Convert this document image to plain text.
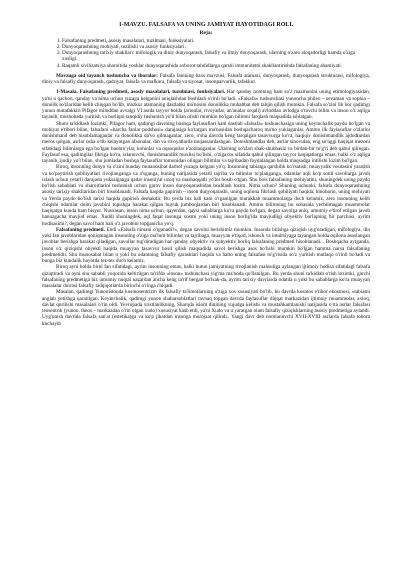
1-MAVZU. FALSAFA VA UNING JAMIYAT HAYOTIDAGI ROLI.
Reja:
1. Falsafaning predmeti, asosiy masalalari, tuzilmasi, funksiyalari.
2. Dunyoqarashning mohiyati, tuzilishi va asosiy funksiyalari.
3. Dunyoqarashning tarixiy shakllari: mifologik va diniy dunyoqarash, falsafiy va ilmiy dunyoqarash, ularning o'zaro aloqadorligi hamda o'ziga xosligi.
4. Raqamli sivilizatsiya sharoitida yoshlar dunyoqarashida axborot tahdidlarga qarshi immunitetni shakllantirishda falsafaning ahamiyati.

Mavzuga oid tayanch tushuncha va iboralar: Falsafa fanining baxs mavzusi, Falsafa atamasi, dunyoqarash, dunyoqarash strukturasi, mifologiya, diniy va falsafiy dunyoqarash, qadriyat, falsafa va mafkura, falsafa va siyosat, insonparvarlik, tafakkur.

1-Masala. Falsafaning predmeti, asosiy masalalari, tuzulmasi, funksiyalari. Har qanday nomning ham so'z mazmunini uning etimologiyasidan, ya'ni u qachon, qanday va nima uchun yuzaga kelganini aniqlashdan boshlash o'rinli bo'ladi. «Falsafa» tushunchasi yunoncha phileo – sevaman va sophia – donolik so'zlaridan kelib chiqqan bo'lib, mazkur atamaning dastlabki ma'nosini donolikka muhabbat deb talqin qilish mumkin. Falsafa so'zini ilk bor qadimgi yunon mutafakkiri Pifagor miloddan avvalgi VI asrda tayyor holda (arionlar, rivoyatlar, an'analar orqali) avloddan avlodga o'tuvchi bilim va inson o'z aqliga tayanib, mushohada yuritish va borliqni tanqidiy tushunish yo'li bilan olishi mumkin bo'lgan bilimni farqlash maqsadida ishlatgan.

Shuni ta'kidlash lozimki, Pifagor ham, qadimgi davrning boshqa faylasuflari ham dastlab «falsafa» tushunchasiga uning keyinchalik paydo bo'lgan va mohiyat e'tibori bilan, falsafani «barcha fanlar podshosi» darajasiga ko'targan ma'nosidan boshqacharoq ma'no yuklaganlar. Ammo ilk faylasuflar o'zlarini donishmand deb hisoblamaganlar va donolikka da'vo qilmaganlar, zero, o'sha davrda keng tarqalgan tasavvurga ko'ra, haqiqiy donishmandlik ajdodlardan meros qolgan, asrlar osha o'tib kelayotgan afsonalar, din va rivoyatlarda mujassamlashgan. Donishmandlar deb, asrlar sinovidan, eng so'nggi haqiqat mezoni sifatidagi bilimlarga ega bo'lgan baobro'ylar, kohinlar va oqsoqollar e'zozlanganlar. Ularning so'zlari shak-shubhasiz va birdan-bir to'g'ri deb qabul qilingan. Faylasuf esa, qadimgilar fikriga ko'ra, izlanuvchi, donishmandlik muxlisi bo'lishi, o'zigaxos sifatida qabul qilingan tayyor haqiqatlarga emas, balki o'z aqliga tayanib, ijodiy yo'l bilan, shu jumladan boshqa faylasuflar tomonidan olingan bilimlar va tajribadan foydalangan holda maqsadga intilishi lozim bo'lgan.

Biroq, insonning dunyo va o'zini bunday mutanosibat darhol yuzaga kelgani yo'q. Insonning tabiatga qarshilik ko'rsatish, muayyalik vositasini yaratish va ko'paytirish qobiliyatlari rivojlanganga va o'sganga, buning natijasida yetarli tajriba va bilimlar to'planganga, odamlar aqli ko'p sonli savollarga javob izlash uchun yetarli darajada yuksalganga qadar insoniyat uzoq va mashaqqatli yo'lni bosib o'tgan. Shu bois falsafaning mohiyatini, shuningdek uning paydo bo'lish sabablari va sharoitlarini tushunish uchun garov inson dunyoqarashidan boshlash lozim. Nima uchun? Shuning uchunki, falsafa dunyoqarashning asosiy tarixiy shakllaridan biri hisoblanadi. Falsafa haqida gapirish – inson dunyoqarashi, uning oqilona fikrlash qobiliyati haqida, binobarin, uning mohiyati va Yerda paydo bo'lish tarixi haqida gapirish demakdir. Bu yerda biz hali kam o'rganilgan murakkab muammolarga duch kelamiz, zero insonning kelib chiqishi odamlar doim javobini topishga harakat qilgan buyuk jumboqlardan biri hisoblanadi. Ammo bilimning bu sohasida yechilmagan muammolar haqiqatga kunda ham bisyor. Nusxasan, inson nima uchun, qayerdan, qaysi sabablarga ko'ra paydo bo'lgan, degan savolga aniq, umumiy e'tirof etilgan javob hanuzgacha mavjud emas. Xuddi shuningdek, aql faqat insonga xosmi yoki uning inson borlig'ida mavjudligi obyektiv borliqning bir parchasi, ayrim hodisasimi?, degan savol ham hali o'z javobini topganicha yo'q.

Falsafaning predmeti. Endi «Falsafa nimani o'rganadi?», degan savolni berishimiz mumkin. Insonda bilishga qiziqish uyg'otadigan, mifologiya, din yoki fan javoblaridan qoniqmagan insonning o'ziga ma'lum bilimlar va tajribaga, muayyan e'tiqod, ishonch va intuitsiyaga tayangan holda oqilona asoslangan javoblar berishga harakat qiladigan, savollar tug'diradigan har qanday obyektiv va subyektiv borliq falsafaning predmeti hisoblanadi. . Boshqacha aytganda, inson o'z qiziqishi obyekti haqida muayyan tasavvur hosil qilish maqsadida savol berishga asos bo'lishi mumkin bo'lgan hamma narsa falsafaning predmetidir. Shu munosabat bilan u yoki bu odamning falsafiy qarashlari haqida va hatto uning falsafasi to'g'risida so'z yuritish mutlaqo o'rinli bo'ladi va bunga biz kundalik hayotda tez-tez duch kelamiz.

Biroq ayni holda birni fan sifatidagi, ayrim insonning emas, balki butun jamiyatning rivojlanish mahsuliga aylangan ijtimoiy hodisa sifatidagi falsafa qiziqtiradi va ayni shu sababli yuqorida keltirilgan ta'rifda «inson» tushunchasi yig'ma ma'noda qo'llanilgan. Bu yerda shuni ta'kidlab o'tish lozimki, garchi falsafaning predmetiga biz umumiy nuqtai nazardan ancha keng ta'rif bergan bo'lsak-da, ayrim tarixiy davrlarda odatda u yoki bu sabablarga ko'ra muayyan masalalar doirasi falsafiy tadqiqotlarda birinchi o'ringa chiqadi.

Masalan, qadimgi Yunonistonda kosmosentrizm ilk falsafiy ta'limotlarning o'ziga xos xususiyati bo'lib, bu davrda kosmos e'tibor ekosmosi, «tabiatni anglab yetishga qaratilgan. Keyinchalik, qadimgi yunon shaharsoblatlari ravnaq topgan davrda faylasuflar diqqat markazidan ijtimoiy muammolar, axloq, davlat qurilishi masalalari o'rin oldi. Yevropada xristianlikning, Sharqda islom dinining vujudga kelishi va mustahkamlanishi natijasida o'rta asrlar falsafasi teosentrik (yunon. theos – markazdan o'rin olgan xudo) xususiyat kasb etdi, ya'ni Xudo va u yaratgan olam falsafiy qiziqishlarning asosiy predmetiga aylandi. Uyg'onish davrida falsafa san'at (estetika)ga va ko'p jihatdan insonga murojaat qilindi.. Yangi davr deb nomlanuvchi XVII-XVIII asrlarda falsafa tobora kuchayib
